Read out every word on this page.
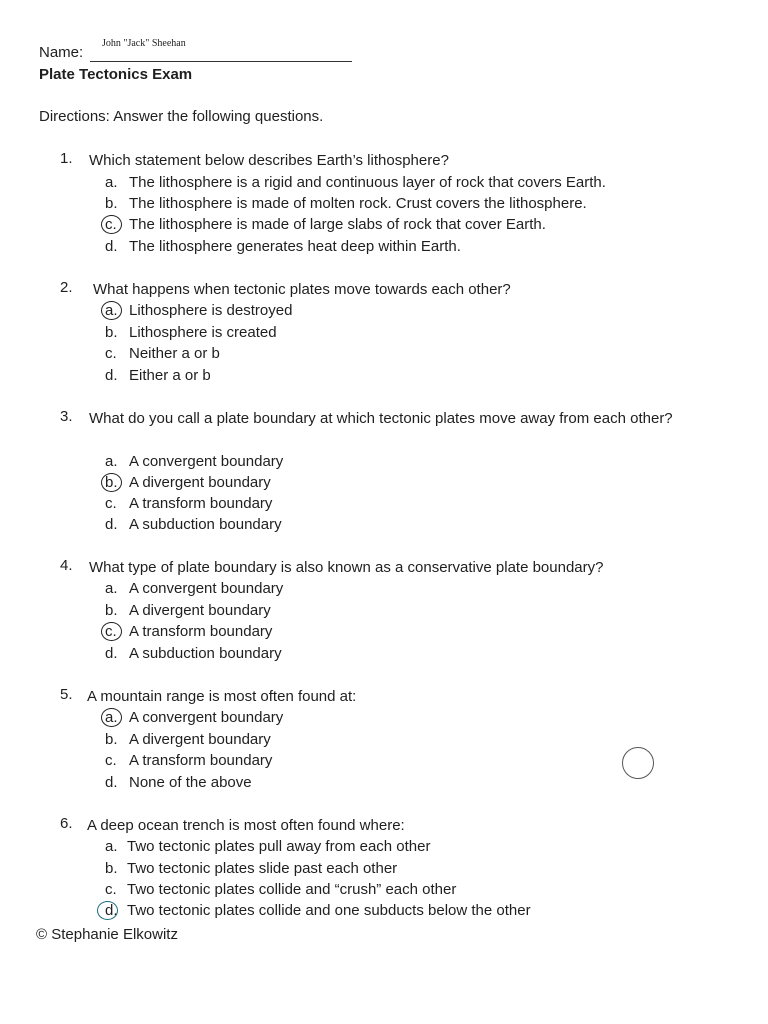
Name:
John "Jack" Sheehan
Plate Tectonics Exam
Directions: Answer the following questions.
1. Which statement below describes Earth’s lithosphere?
a. The lithosphere is a rigid and continuous layer of rock that covers Earth.
b. The lithosphere is made of molten rock. Crust covers the lithosphere.
c. The lithosphere is made of large slabs of rock that cover Earth.
d. The lithosphere generates heat deep within Earth.
2. What happens when tectonic plates move towards each other?
a. Lithosphere is destroyed
b. Lithosphere is created
c. Neither a or b
d. Either a or b
3. What do you call a plate boundary at which tectonic plates move away from each other?
a. A convergent boundary
b. A divergent boundary
c. A transform boundary
d. A subduction boundary
4. What type of plate boundary is also known as a conservative plate boundary?
a. A convergent boundary
b. A divergent boundary
c. A transform boundary
d. A subduction boundary
5. A mountain range is most often found at:
a. A convergent boundary
b. A divergent boundary
c. A transform boundary
d. None of the above
6. A deep ocean trench is most often found where:
a. Two tectonic plates pull away from each other
b. Two tectonic plates slide past each other
c. Two tectonic plates collide and “crush” each other
d. Two tectonic plates collide and one subducts below the other
© Stephanie Elkowitz
